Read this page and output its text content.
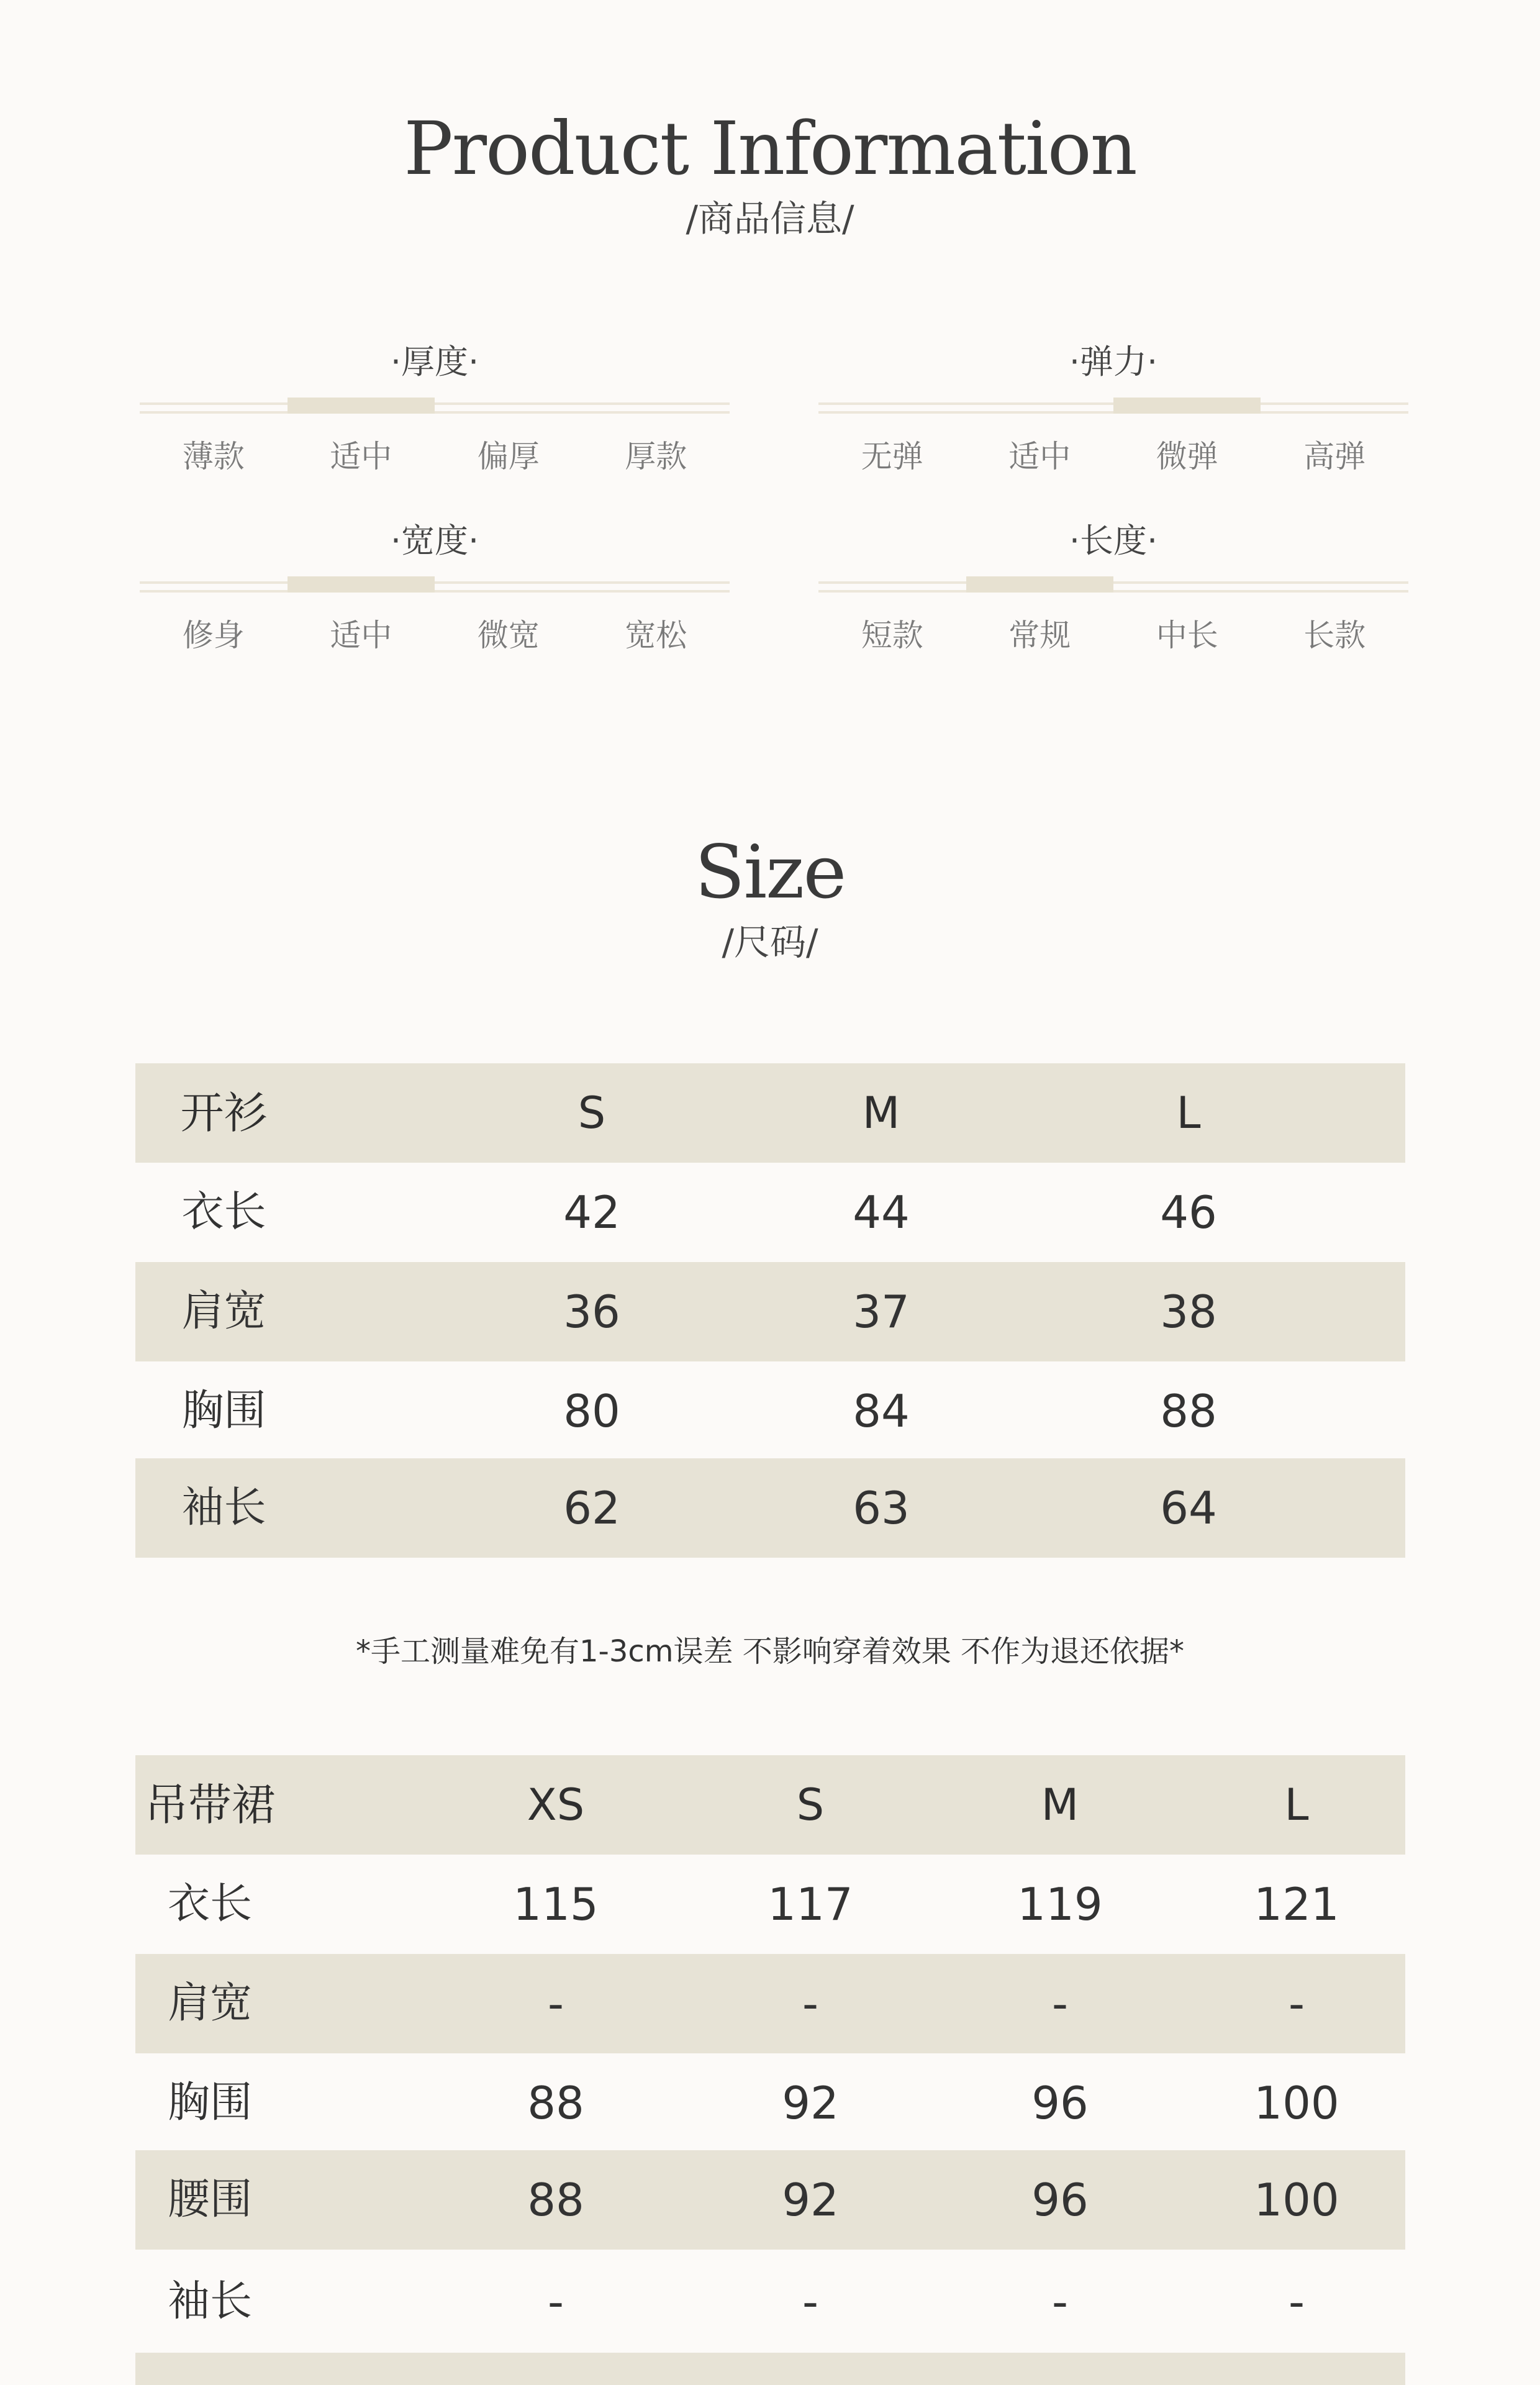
Product Information
/商品信息/
·厚度·
薄款	适中	偏厚	厚款
·弹力·
无弹	适中	微弹	高弹
·宽度·
修身	适中	微宽	宽松
·长度·
短款	常规	中长	长款
Size
/尺码/
开衫	S	M	L
衣长	42	44	46
肩宽	36	37	38
胸围	80	84	88
袖长	62	63	64
*手工测量难免有1-3cm误差 不影响穿着效果 不作为退还依据*
吊带裙	XS	S	M	L
衣长	115	117	119	121
肩宽	-	-	-	-
胸围	88	92	96	100
腰围	88	92	96	100
袖长	-	-	-	-
